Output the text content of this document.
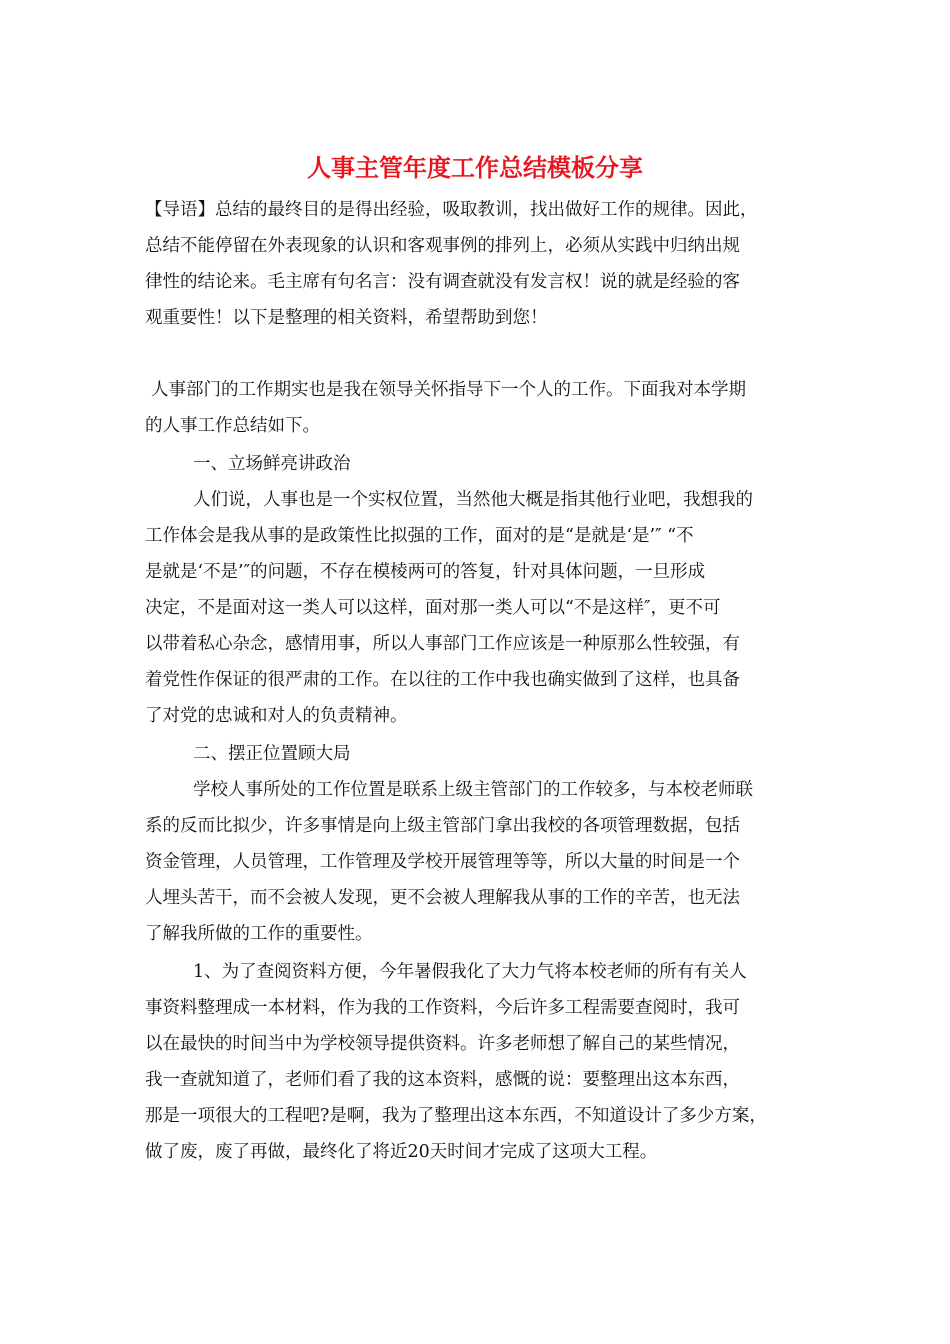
人事主管年度工作总结模板分享
【导语】总结的最终目的是得出经验，吸取教训，找出做好工作的规律。因此，
总结不能停留在外表现象的认识和客观事例的排列上，必须从实践中归纳出规
律性的结论来。毛主席有句名言：没有调查就没有发言权！说的就是经验的客
观重要性！以下是整理的相关资料，希望帮助到您！
人事部门的工作期实也是我在领导关怀指导下一个人的工作。下面我对本学期
的人事工作总结如下。
一、立场鲜亮讲政治
人们说，人事也是一个实权位置，当然他大概是指其他行业吧，我想我的
工作体会是我从事的是政策性比拟强的工作，面对的是“是就是‘是’″ “不
是就是‘不是’″的问题，不存在模棱两可的答复，针对具体问题，一旦形成
决定，不是面对这一类人可以这样，面对那一类人可以“不是这样″，更不可
以带着私心杂念，感情用事，所以人事部门工作应该是一种原那么性较强，有
着党性作保证的很严肃的工作。在以往的工作中我也确实做到了这样，也具备
了对党的忠诚和对人的负责精神。
二、摆正位置顾大局
学校人事所处的工作位置是联系上级主管部门的工作较多，与本校老师联
系的反而比拟少，许多事情是向上级主管部门拿出我校的各项管理数据，包括
资金管理，人员管理，工作管理及学校开展管理等等，所以大量的时间是一个
人埋头苦干，而不会被人发现，更不会被人理解我从事的工作的辛苦，也无法
了解我所做的工作的重要性。
1、为了查阅资料方便，今年暑假我化了大力气将本校老师的所有有关人
事资料整理成一本材料，作为我的工作资料，今后许多工程需要查阅时，我可
以在最快的时间当中为学校领导提供资料。许多老师想了解自己的某些情况，
我一查就知道了，老师们看了我的这本资料，感慨的说：要整理出这本东西，
那是一项很大的工程吧?是啊，我为了整理出这本东西，不知道设计了多少方案，
做了废，废了再做，最终化了将近20天时间才完成了这项大工程。
